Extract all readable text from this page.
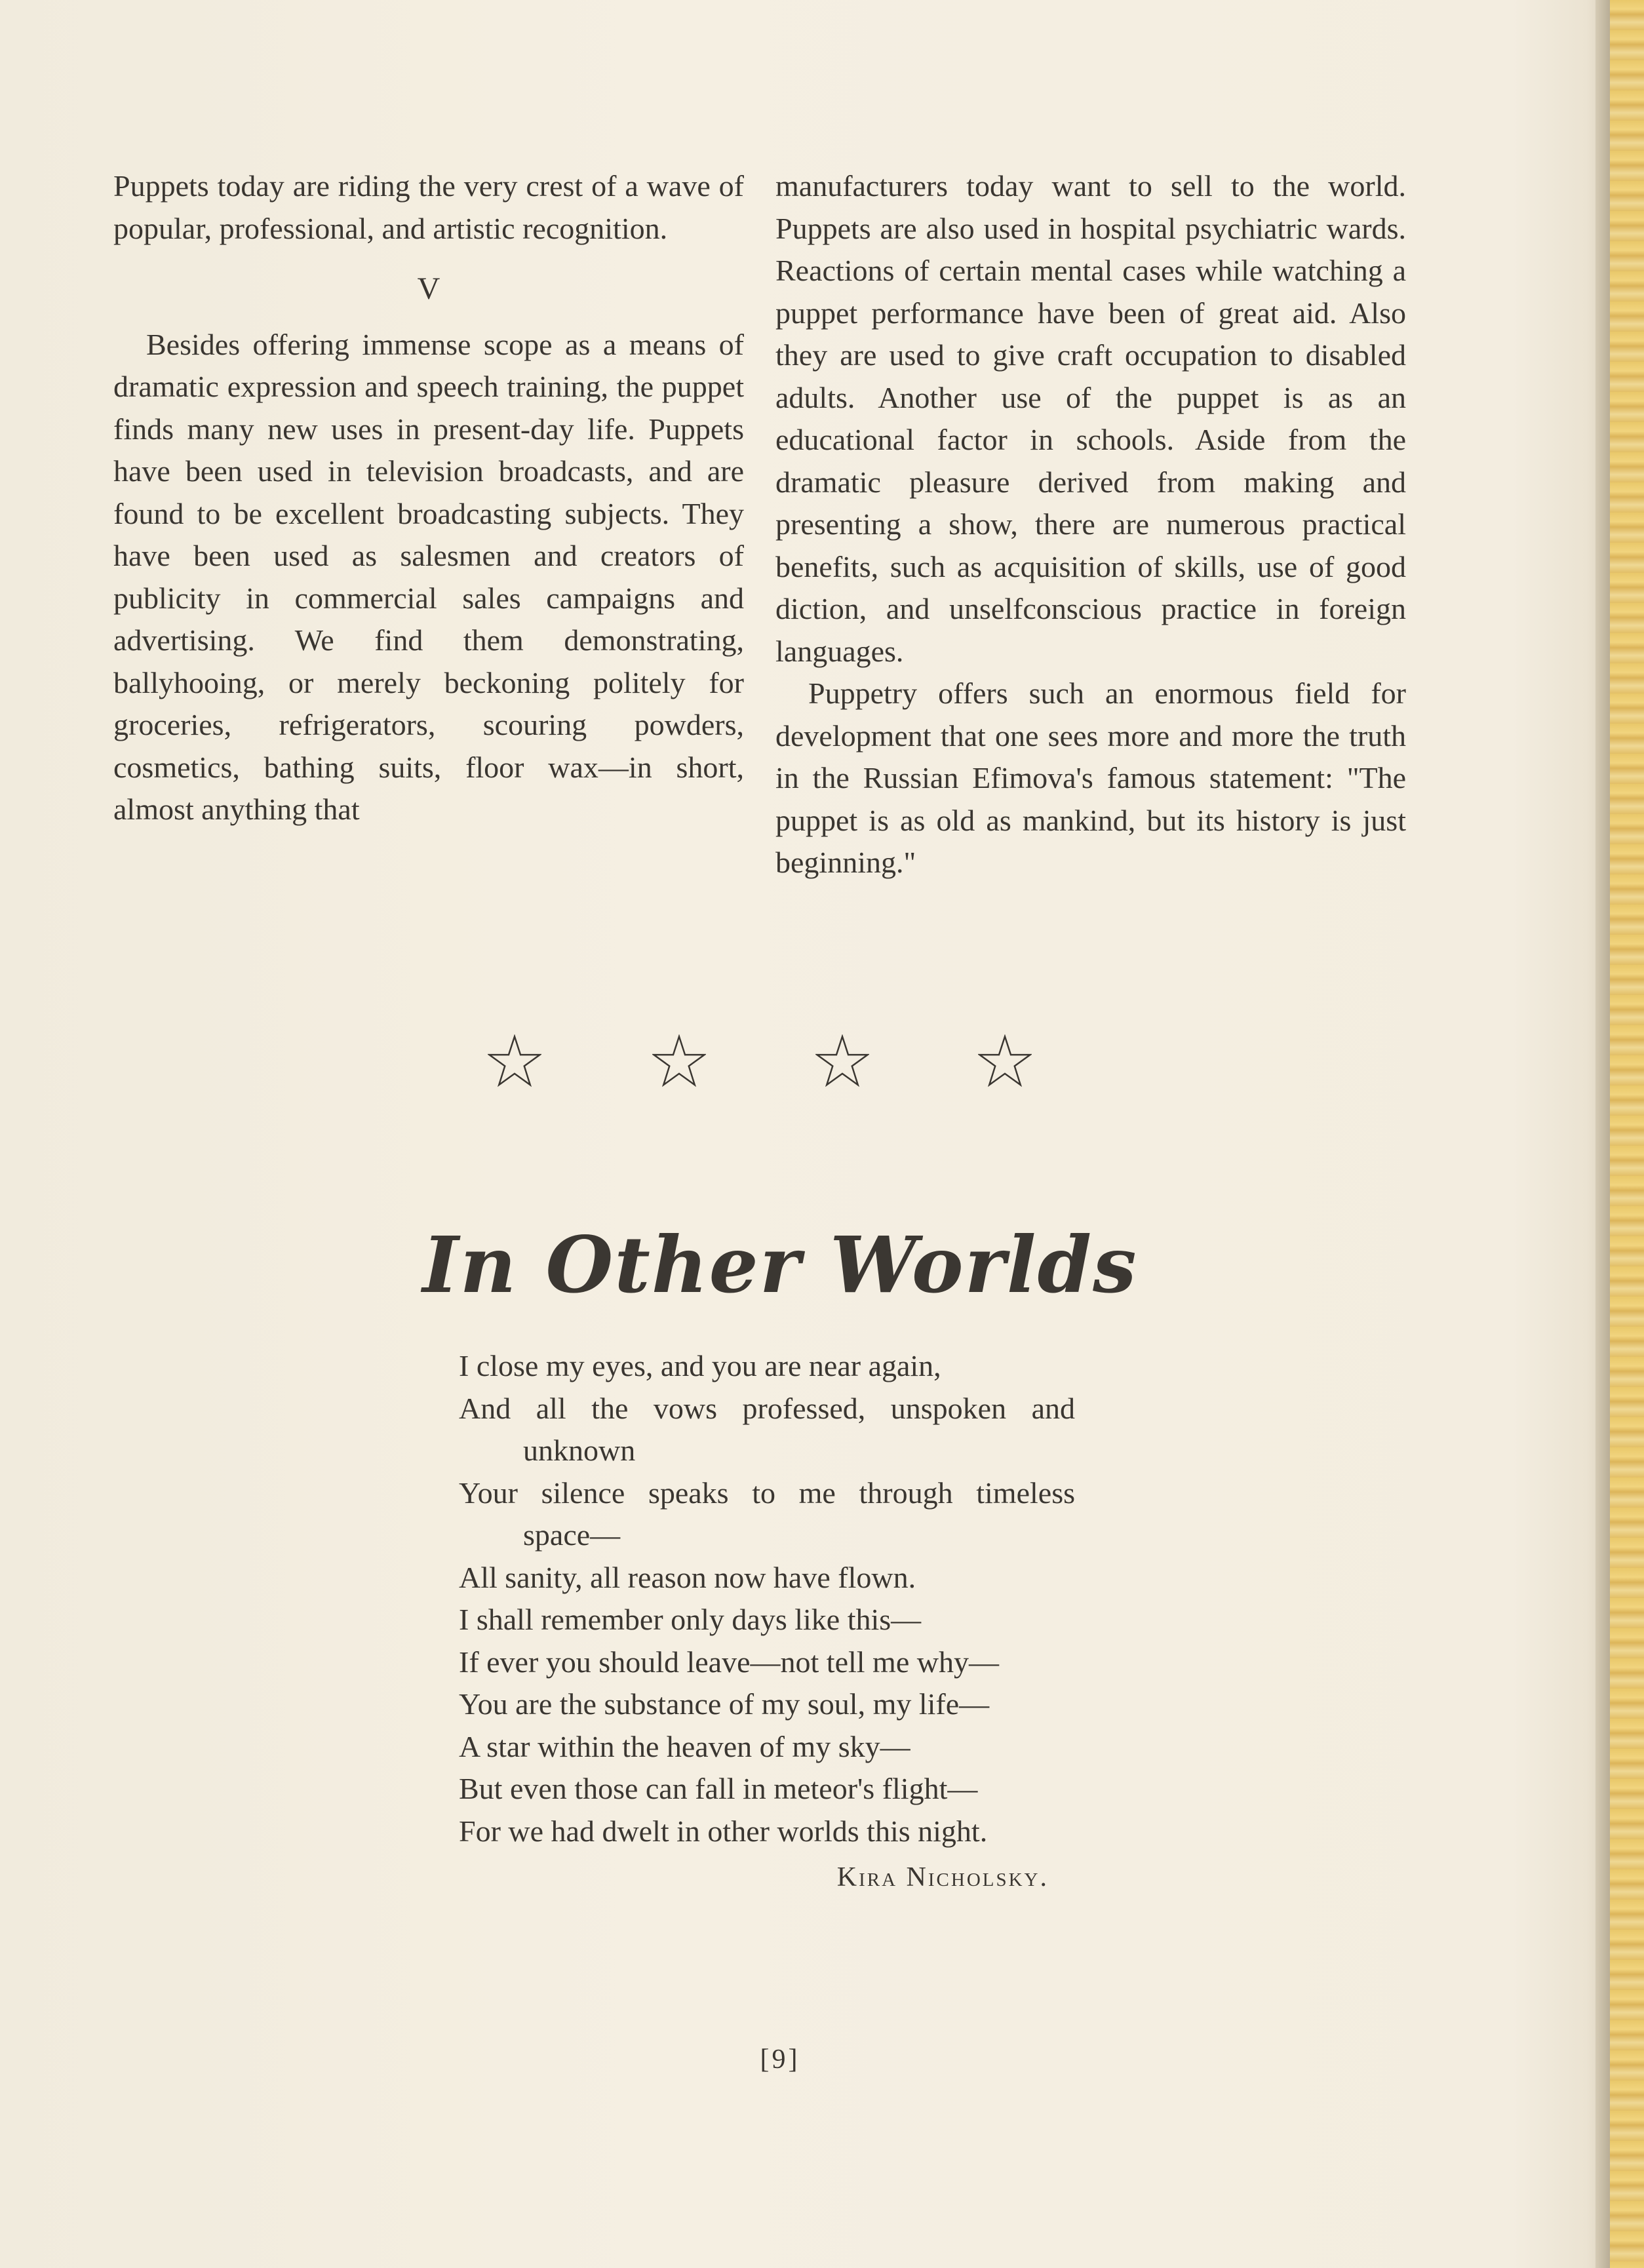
Puppets today are riding the very crest of a wave of popular, professional, and artistic recognition.

V

Besides offering immense scope as a means of dramatic expression and speech training, the puppet finds many new uses in present-day life. Puppets have been used in television broadcasts, and are found to be excellent broadcasting subjects. They have been used as salesmen and creators of publicity in commercial sales campaigns and advertising. We find them demonstrating, ballyhooing, or merely beckoning politely for groceries, refrigerators, scouring powders, cosmetics, bathing suits, floor wax—in short, almost anything that

manufacturers today want to sell to the world. Puppets are also used in hospital psychiatric wards. Reactions of certain mental cases while watching a puppet performance have been of great aid. Also they are used to give craft occupation to disabled adults. Another use of the puppet is as an educational factor in schools. Aside from the dramatic pleasure derived from making and presenting a show, there are numerous practical benefits, such as acquisition of skills, use of good diction, and unselfconscious practice in foreign languages.

Puppetry offers such an enormous field for development that one sees more and more the truth in the Russian Efimova's famous statement: "The puppet is as old as mankind, but its history is just beginning."

In Other Worlds
I close my eyes, and you are near again,
And all the vows professed, unspoken and
unknown
Your silence speaks to me through timeless
space—
All sanity, all reason now have flown.
I shall remember only days like this—
If ever you should leave—not tell me why—
You are the substance of my soul, my life—
A star within the heaven of my sky—
But even those can fall in meteor's flight—
For we had dwelt in other worlds this night.
Kira Nicholsky.
[9]
